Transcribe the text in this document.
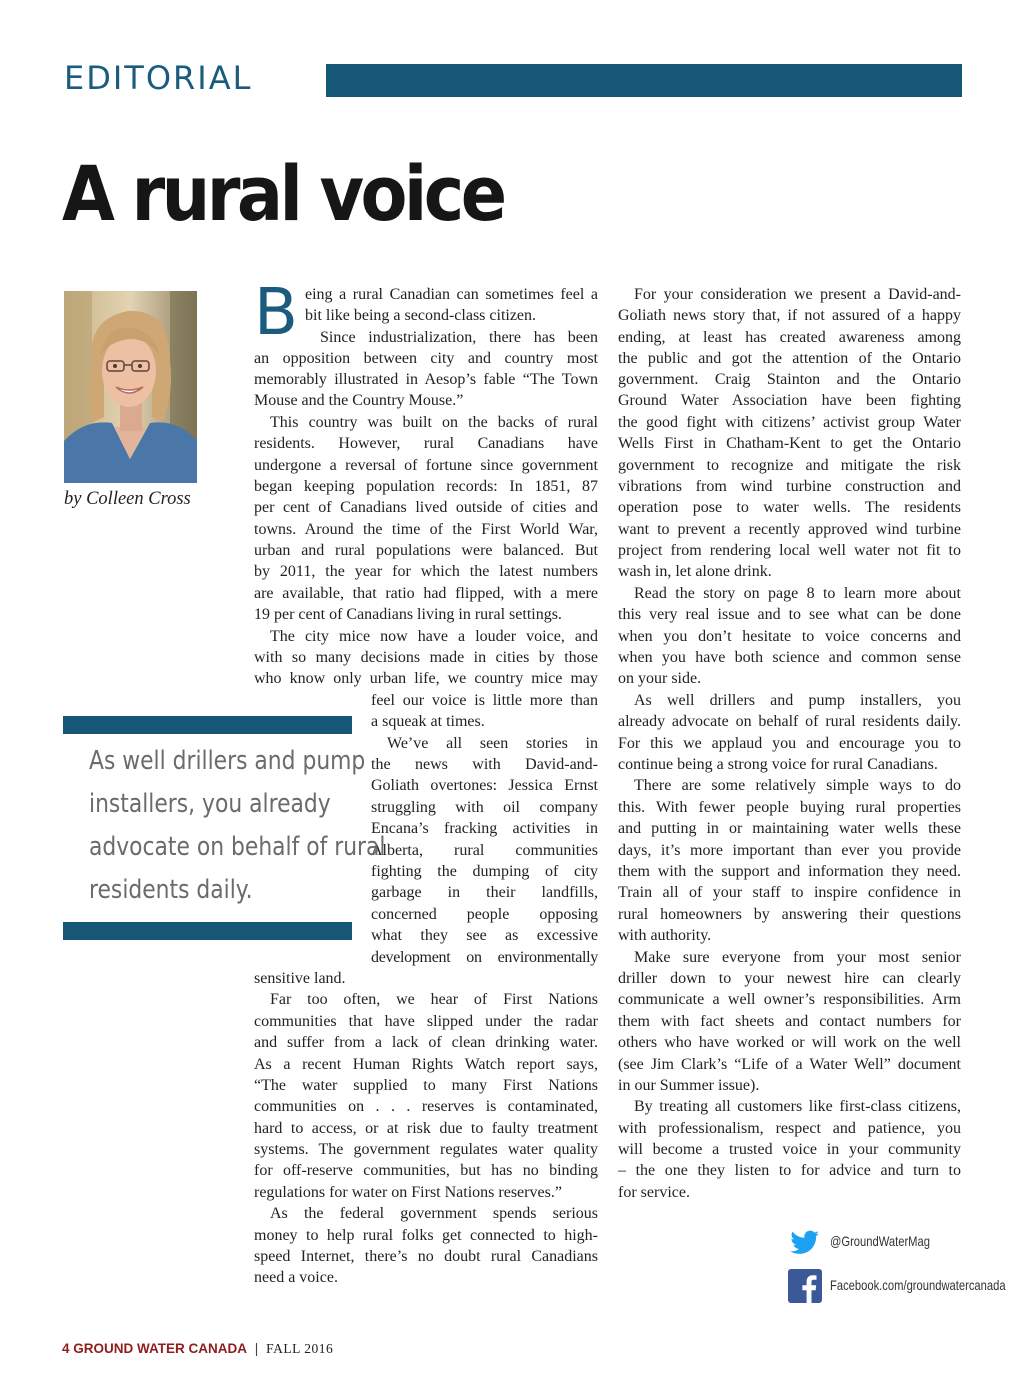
EDITORIAL
A rural voice
by Colleen Cross
B eing a rural Canadian can sometimes feel a
bit like being a second-class citizen.
Since industrialization, there has been
an opposition between city and country most
memorably illustrated in Aesop’s fable “The Town
Mouse and the Country Mouse.”
This country was built on the backs of rural
residents. However, rural Canadians have
undergone a reversal of fortune since government
began keeping population records: In 1851, 87
per cent of Canadians lived outside of cities and
towns. Around the time of the First World War,
urban and rural populations were balanced. But
by 2011, the year for which the latest numbers
are available, that ratio had flipped, with a mere
19 per cent of Canadians living in rural settings.
The city mice now have a louder voice, and
with so many decisions made in cities by those
who know only urban life, we country mice may
feel our voice is little more than
a squeak at times.
We’ve all seen stories in
the news with David-and-
Goliath overtones: Jessica Ernst
struggling with oil company
Encana’s fracking activities in
Alberta, rural communities
fighting the dumping of city
garbage in their landfills,
concerned people opposing
what they see as excessive
development on environmentally
sensitive land.
Far too often, we hear of First Nations
communities that have slipped under the radar
and suffer from a lack of clean drinking water.
As a recent Human Rights Watch report says,
“The water supplied to many First Nations
communities on . . . reserves is contaminated,
hard to access, or at risk due to faulty treatment
systems. The government regulates water quality
for off-reserve communities, but has no binding
regulations for water on First Nations reserves.”
As the federal government spends serious
money to help rural folks get connected to high-
speed Internet, there’s no doubt rural Canadians
need a voice.
As well drillers and pump
installers, you already
advocate on behalf of rural
residents daily.
For your consideration we present a David-and-
Goliath news story that, if not assured of a happy
ending, at least has created awareness among
the public and got the attention of the Ontario
government. Craig Stainton and the Ontario
Ground Water Association have been fighting
the good fight with citizens’ activist group Water
Wells First in Chatham-Kent to get the Ontario
government to recognize and mitigate the risk
vibrations from wind turbine construction and
operation pose to water wells. The residents
want to prevent a recently approved wind turbine
project from rendering local well water not fit to
wash in, let alone drink.
Read the story on page 8 to learn more about
this very real issue and to see what can be done
when you don’t hesitate to voice concerns and
when you have both science and common sense
on your side.
As well drillers and pump installers, you
already advocate on behalf of rural residents daily.
For this we applaud you and encourage you to
continue being a strong voice for rural Canadians.
There are some relatively simple ways to do
this. With fewer people buying rural properties
and putting in or maintaining water wells these
days, it’s more important than ever you provide
them with the support and information they need.
Train all of your staff to inspire confidence in
rural homeowners by answering their questions
with authority.
Make sure everyone from your most senior
driller down to your newest hire can clearly
communicate a well owner’s responsibilities. Arm
them with fact sheets and contact numbers for
others who have worked or will work on the well
(see Jim Clark’s “Life of a Water Well” document
in our Summer issue).
By treating all customers like first-class citizens,
with professionalism, respect and patience, you
will become a trusted voice in your community
– the one they listen to for advice and turn to
for service.
@GroundWaterMag
Facebook.com/groundwatercanada
4 GROUND WATER CANADA | FALL 2016
